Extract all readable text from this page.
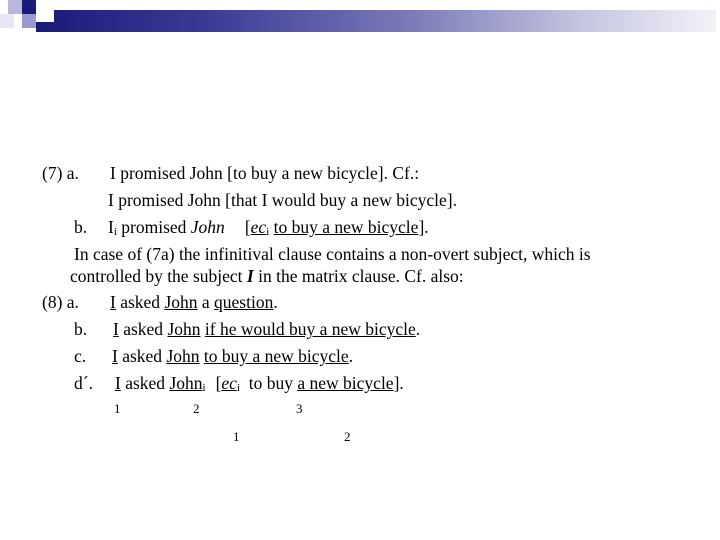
(7) a. I promised John [to buy a new bicycle]. Cf.:
I promised John [that I would buy a new bicycle].
b. Ii promised John [eci to buy a new bicycle].
In case of (7a) the infinitival clause contains a non-overt subject, which is
controlled by the subject I in the matrix clause. Cf. also:
(8) a. I asked John a question.
b. I asked John if he would buy a new bicycle.
c. I asked John to buy a new bicycle.
d´. I asked Johni [eci  to buy a new bicycle].
1	2	3
1	2
